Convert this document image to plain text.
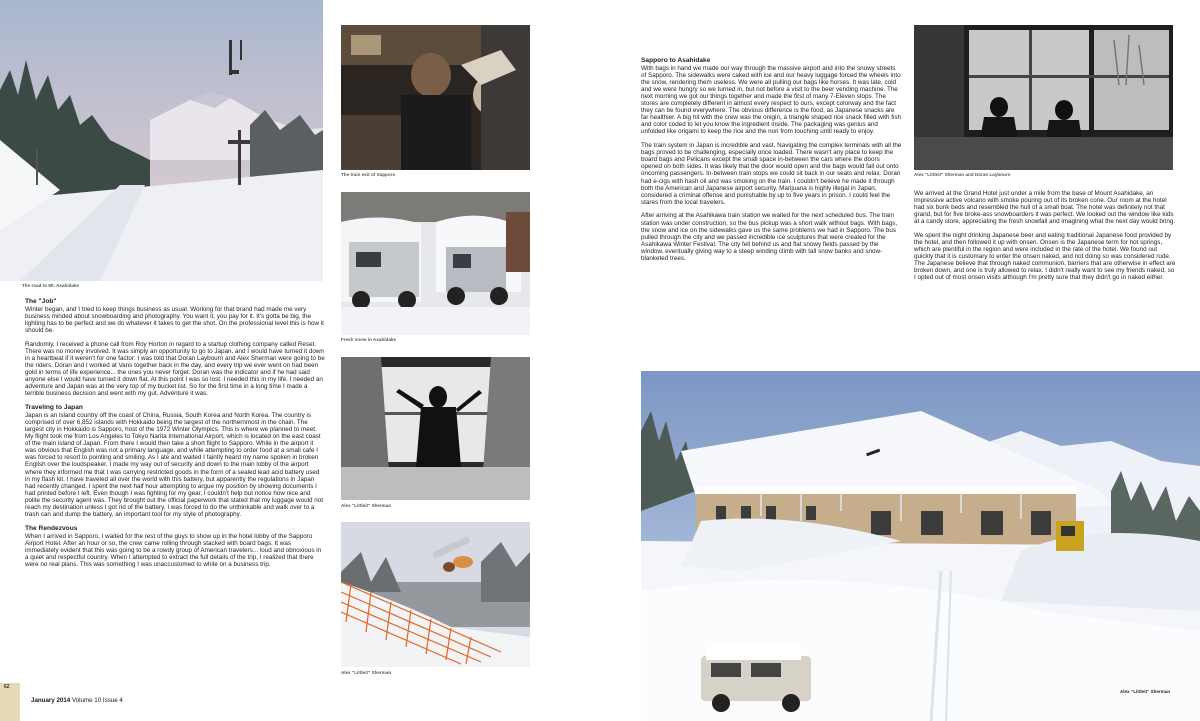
The road to Mt. Asahidake
The train exit of Sapporo
Fresh snow in Asahidake
Alex "Littleit" Sherman
Alex "Littleit" Sherman
Alex "Littleit" Sherman and Doran Laybourn
Alex "Littleit" Sherman
The "Job"

Winter began, and I tried to keep things business as usual. Working for that brand had made me very business minded about snowboarding and photography. You want it, you pay for it. It's gotta be big, the lighting has to be perfect and we do whatever it takes to get the shot. On the professional level this is how it should be.

Randomly, I received a phone call from Roy Horton in regard to a startup clothing company called Reset. There was no money involved. It was simply an opportunity to go to Japan, and I would have turned it down in a heartbeat if it weren't for one factor: I was told that Doran Laybourn and Alex Sherman were going to be the riders. Doran and I worked at Vans together back in the day, and every trip we ever went on had been gold in terms of life experience... the ones you never forget. Doran was the indicator and if he had said anyone else I would have turned it down flat. At this point I was so lost. I needed this in my life. I needed an adventure and Japan was at the very top of my bucket list. So for the first time in a long time I made a terrible business decision and went with my gut. Adventure it was.

Traveling to Japan

Japan is an island country off the coast of China, Russia, South Korea and North Korea. The country is comprised of over 6,852 islands with Hokkaido being the largest of the northernmost in the chain. The largest city in Hokkaido is Sapporo, host of the 1972 Winter Olympics. This is where we planned to meet. My flight took me from Los Angeles to Tokyo Narita International Airport, which is located on the east coast of the main island of Japan. From there I would then take a short flight to Sapporo. While in the airport it was obvious that English was not a primary language, and while attempting to order food at a small cafe I was forced to resort to pointing and smiling. As I ate and waited I faintly heard my name spoken in broken English over the loudspeaker. I made my way out of security and down to the main lobby of the airport where they informed me that I was carrying restricted goods in the form of a sealed lead acid battery used in my flash kit. I have traveled all over the world with this battery, but apparently the regulations in Japan had recently changed. I spent the next half hour attempting to argue my position by showing documents I had printed before I left. Even though I was fighting for my gear, I couldn't help but notice how nice and polite the security agent was. They brought out the official paperwork that stated that my luggage would not reach my destination unless I got rid of the battery. I was forced to do the unthinkable and walk over to a trash can and dump the battery, an important tool for my style of photography.

The Rendezvous

When I arrived in Sapporo, I waited for the rest of the guys to show up in the hotel lobby of the Sapporo Airport Hotel. After an hour or so, the crew came rolling through stacked with board bags. It was immediately evident that this was going to be a rowdy group of American travelers... loud and obnoxious in a quiet and respectful country. When I attempted to extract the full details of the trip, I realized that there were no real plans. This was something I was unaccustomed to while on a business trip.

Sapporo to Asahidake

With bags in hand we made our way through the massive airport and into the snowy streets of Sapporo. The sidewalks were caked with ice and our heavy luggage forced the wheels into the snow, rendering them useless. We were all pulling our bags like horses. It was late, cold and we were hungry so we turned in, but not before a visit to the beer vending machine. The next morning we got our things together and made the first of many 7-Eleven stops. The stores are completely different in almost every respect to ours, except colorway and the fact they can be found everywhere. The obvious difference is the food, as Japanese snacks are far healthier. A big hit with the crew was the onigiri, a triangle shaped rice snack filled with fish and color coded to let you know the ingredient inside. The packaging was genius and unfolded like origami to keep the rice and the nori from touching until ready to enjoy.

The train system in Japan is incredible and vast. Navigating the complex terminals with all the bags proved to be challenging, especially once loaded. There wasn't any place to keep the board bags and Pelicans except the small space in-between the cars where the doors opened on both sides. It was likely that the door would open and the bags would fall out onto oncoming passengers. In-between train stops we could sit back in our seats and relax. Doran had e-cigs with hash oil and was smoking on the train. I couldn't believe he made it through both the American and Japanese airport security. Marijuana is highly illegal in Japan, considered a criminal offense and punishable by up to five years in prison. I could feel the stares from the local travelers.

After arriving at the Asahikawa train station we waited for the next scheduled bus. The train station was under construction, so the bus pickup was a short walk without bags. With bags, the snow and ice on the sidewalks gave us the same problems we had in Sapporo. The bus pulled through the city and we passed incredible ice sculptures that were created for the Asahikawa Winter Festival. The city fell behind us and flat snowy fields passed by the window, eventually giving way to a steep winding climb with tall snow banks and snow-blanketed trees.

We arrived at the Grand Hotel just under a mile from the base of Mount Asahidake, an impressive active volcano with smoke pouring out of its broken cone. Our room at the hotel had six bunk beds and resembled the hull of a small boat. The hotel was definitely not that grand, but for five broke-ass snowboarders it was perfect. We looked out the window like kids at a candy store, appreciating the fresh snowfall and imagining what the next day would bring.

We spent the night drinking Japanese beer and eating traditional Japanese food provided by the hotel, and then followed it up with onsen. Onsen is the Japanese term for hot springs, which are plentiful in the region and were included in the rate of the hotel. We found out quickly that it is customary to enter the onsen naked, and not doing so was considered rude. The Japanese believe that through naked communion, barriers that are otherwise in effect are broken down, and one is truly allowed to relax. I didn't really want to see my friends naked, so I opted out of most onsen visits although I'm pretty sure that they didn't go in naked either.

62
January 2014 Volume 10 Issue 4
